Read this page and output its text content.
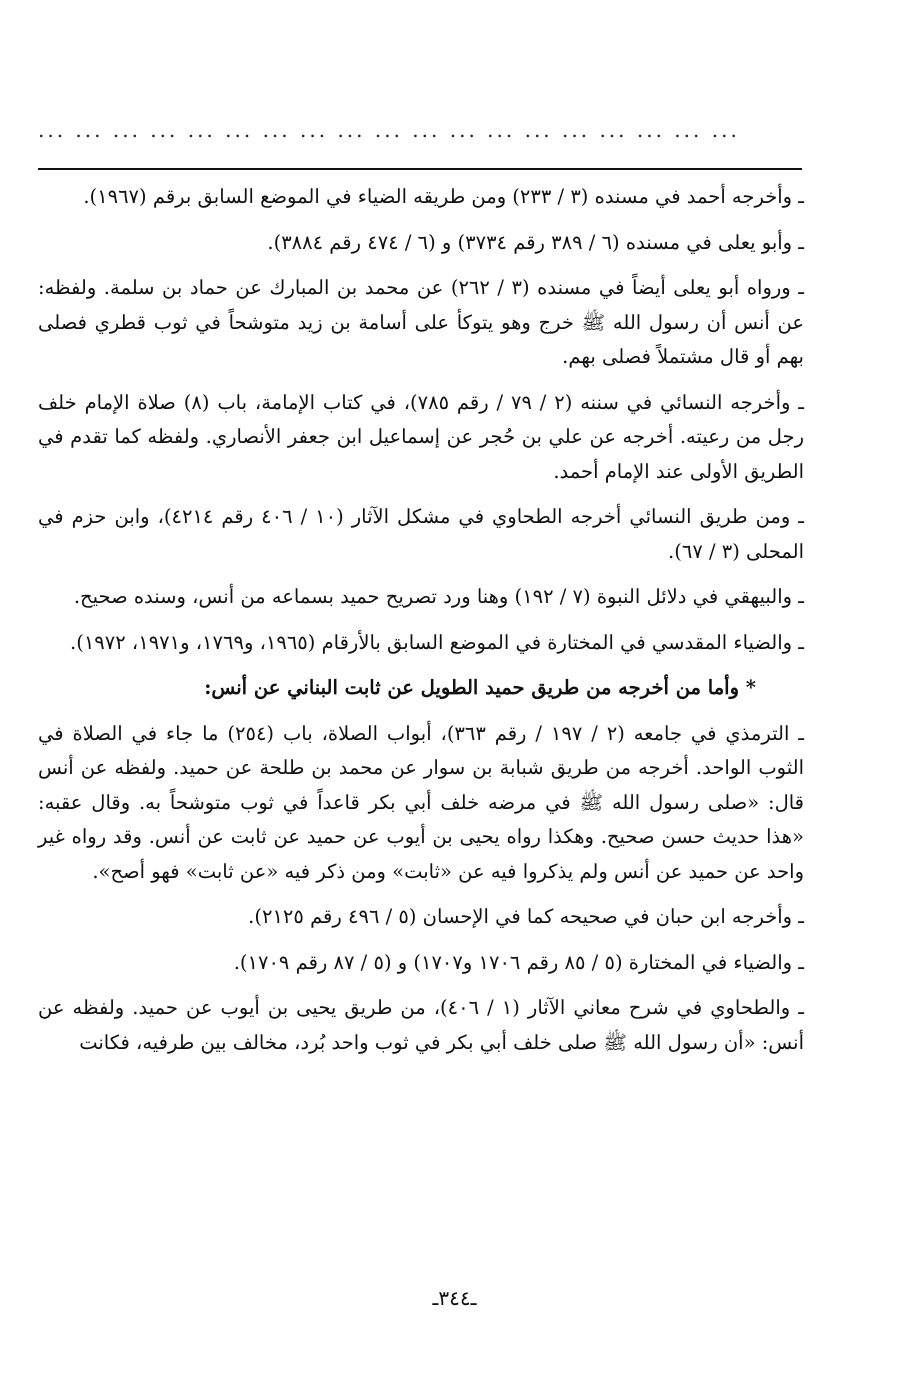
... ... ... ... ... ... ... ... ... ... ... ... ... ... ... ... ... ... ...

ـ وأخرجه أحمد في مسنده (٣ / ٢٣٣) ومن طريقه الضياء في الموضع السابق برقم (١٩٦٧).

ـ وأبو يعلى في مسنده (٦ / ٣٨٩ رقم ٣٧٣٤) و (٦ / ٤٧٤ رقم ٣٨٨٤).

ـ ورواه أبو يعلى أيضاً في مسنده (٣ / ٢٦٢) عن محمد بن المبارك عن حماد بن سلمة. ولفظه: عن أنس أن رسول الله ﷺ خرج وهو يتوكأ على أسامة بن زيد متوشحاً في ثوب قطري فصلى بهم أو قال مشتملاً فصلى بهم.

ـ وأخرجه النسائي في سننه (٢ / ٧٩ / رقم ٧٨٥)، في كتاب الإمامة، باب (٨) صلاة الإمام خلف رجل من رعيته. أخرجه عن علي بن حُجر عن إسماعيل ابن جعفر الأنصاري. ولفظه كما تقدم في الطريق الأولى عند الإمام أحمد.

ـ ومن طريق النسائي أخرجه الطحاوي في مشكل الآثار (١٠ / ٤٠٦ رقم ٤٢١٤)، وابن حزم في المحلى (٣ / ٦٧).

ـ والبيهقي في دلائل النبوة (٧ / ١٩٢) وهنا ورد تصريح حميد بسماعه من أنس، وسنده صحيح.

ـ والضياء المقدسي في المختارة في الموضع السابق بالأرقام (١٩٦٥، و١٧٦٩، و١٩٧١، ١٩٧٢).

* وأما من أخرجه من طريق حميد الطويل عن ثابت البناني عن أنس:

ـ الترمذي في جامعه (٢ / ١٩٧ / رقم ٣٦٣)، أبواب الصلاة، باب (٢٥٤) ما جاء في الصلاة في الثوب الواحد. أخرجه من طريق شبابة بن سوار عن محمد بن طلحة عن حميد. ولفظه عن أنس قال: «صلى رسول الله ﷺ في مرضه خلف أبي بكر قاعداً في ثوب متوشحاً به. وقال عقبه: «هذا حديث حسن صحيح. وهكذا رواه يحيى بن أيوب عن حميد عن ثابت عن أنس. وقد رواه غير واحد عن حميد عن أنس ولم يذكروا فيه عن «ثابت» ومن ذكر فيه «عن ثابت» فهو أصح».

ـ وأخرجه ابن حبان في صحيحه كما في الإحسان (٥ / ٤٩٦ رقم ٢١٢٥).

ـ والضياء في المختارة (٥ / ٨٥ رقم ١٧٠٦ و١٧٠٧) و (٥ / ٨٧ رقم ١٧٠٩).

ـ والطحاوي في شرح معاني الآثار (١ / ٤٠٦)، من طريق يحيى بن أيوب عن حميد. ولفظه عن أنس: «أن رسول الله ﷺ صلى خلف أبي بكر في ثوب واحد بُرد، مخالف بين طرفيه، فكانت

ـ٣٤٤ـ
